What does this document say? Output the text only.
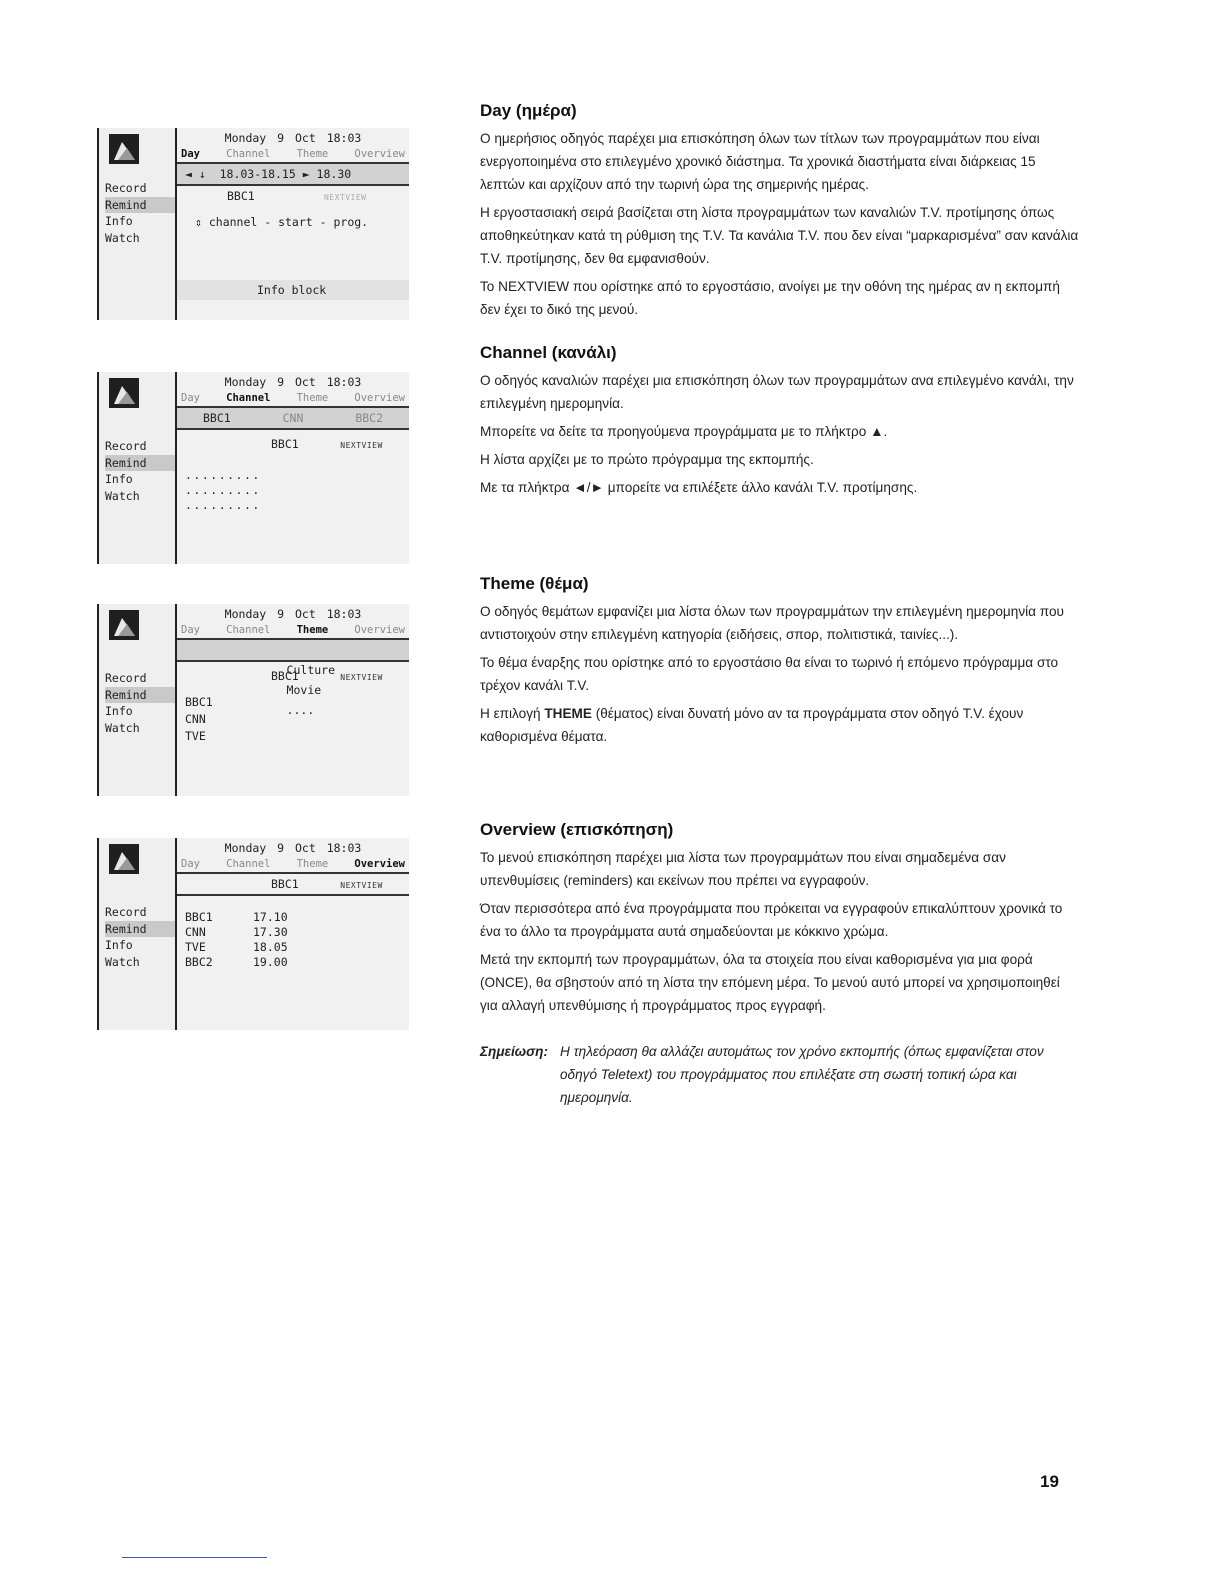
Record
Remind
Info
Watch
Monday 9 Oct 18:03
Day Channel Theme Overview
◄ ↓  18.03-18.15 ► 18.30
BBC1	NEXTVIEW
⇕ channel - start - prog.
Info block
Record
Remind
Info
Watch
Monday 9 Oct 18:03
Day Channel Theme Overview
BBC1	CNN	BBC2
BBC1	NEXTVIEW
.........
.........
.........
Record
Remind
Info
Watch
Monday 9 Oct 18:03
Day Channel Theme Overview

Culture
Movie
....

BBC1	NEXTVIEW
BBC1
CNN
TVE
Record
Remind
Info
Watch
Monday 9 Oct 18:03
Day Channel Theme Overview
BBC1	NEXTVIEW
BBC1	17.10
CNN	17.30
TVE	18.05
BBC2	19.00
Day (ημέρα)

Ο ημερήσιος οδηγός παρέχει μια επισκόπηση όλων των τίτλων των προγραμμάτων που είναι ενεργοποιημένα στο επιλεγμένο χρονικό διάστημα. Τα χρονικά διαστήματα είναι διάρκειας 15 λεπτών και αρχίζουν από την τωρινή ώρα της σημερινής ημέρας.

Η εργοστασιακή σειρά βασίζεται στη λίστα προγραμμάτων των καναλιών T.V. προτίμησης όπως αποθηκεύτηκαν κατά τη ρύθμιση της T.V. Τα κανάλια T.V. που δεν είναι “μαρκαρισμένα” σαν κανάλια T.V. προτίμησης, δεν θα εμφανισθούν.

Το NEXTVIEW που ορίστηκε από το εργοστάσιο, ανοίγει με την οθόνη της ημέρας αν η εκπομπή δεν έχει το δικό της μενού.

Channel (κανάλι)

Ο οδηγός καναλιών παρέχει μια επισκόπηση όλων των προγραμμάτων ανα επιλεγμένο κανάλι, την επιλεγμένη ημερομηνία.

Μπορείτε να δείτε τα προηγούμενα προγράμματα με το πλήκτρο ▲.

Η λίστα αρχίζει με το πρώτο πρόγραμμα της εκπομπής.

Με τα πλήκτρα ◄/► μπορείτε να επιλέξετε άλλο κανάλι T.V. προτίμησης.

Theme (θέμα)

Ο οδηγός θεμάτων εμφανίζει μια λίστα όλων των προγραμμάτων την επιλεγμένη ημερομηνία που αντιστοιχούν στην επιλεγμένη κατηγορία (ειδήσεις, σπορ, πολιτιστικά, ταινίες...).

Το θέμα έναρξης που ορίστηκε από το εργοστάσιο θα είναι το τωρινό ή επόμενο πρόγραμμα στο τρέχον κανάλι T.V.

Η επιλογή THEME (θέματος) είναι δυνατή μόνο αν τα προγράμματα στον οδηγό T.V. έχουν καθορισμένα θέματα.

Overview (επισκόπηση)

Το μενού επισκόπηση παρέχει μια λίστα των προγραμμάτων που είναι σημαδεμένα σαν υπενθυμίσεις (reminders) και εκείνων που πρέπει να εγγραφούν.

Όταν περισσότερα από ένα προγράμματα που πρόκειται να εγγραφούν επικαλύπτουν χρονικά το ένα το άλλο τα προγράμματα αυτά σημαδεύονται με κόκκινο χρώμα.

Μετά την εκπομπή των προγραμμάτων, όλα τα στοιχεία που είναι καθορισμένα για μια φορά (ONCE), θα σβηστούν από τη λίστα την επόμενη μέρα. Το μενού αυτό μπορεί να χρησιμοποιηθεί για αλλαγή υπενθύμισης ή προγράμματος προς εγγραφή.

Σημείωση: Η τηλεόραση θα αλλάζει αυτομάτως τον χρόνο εκπομπής (όπως εμφανίζεται στον οδηγό Teletext) του προγράμματος που επιλέξατε στη σωστή τοπική ώρα και ημερομηνία.
19
